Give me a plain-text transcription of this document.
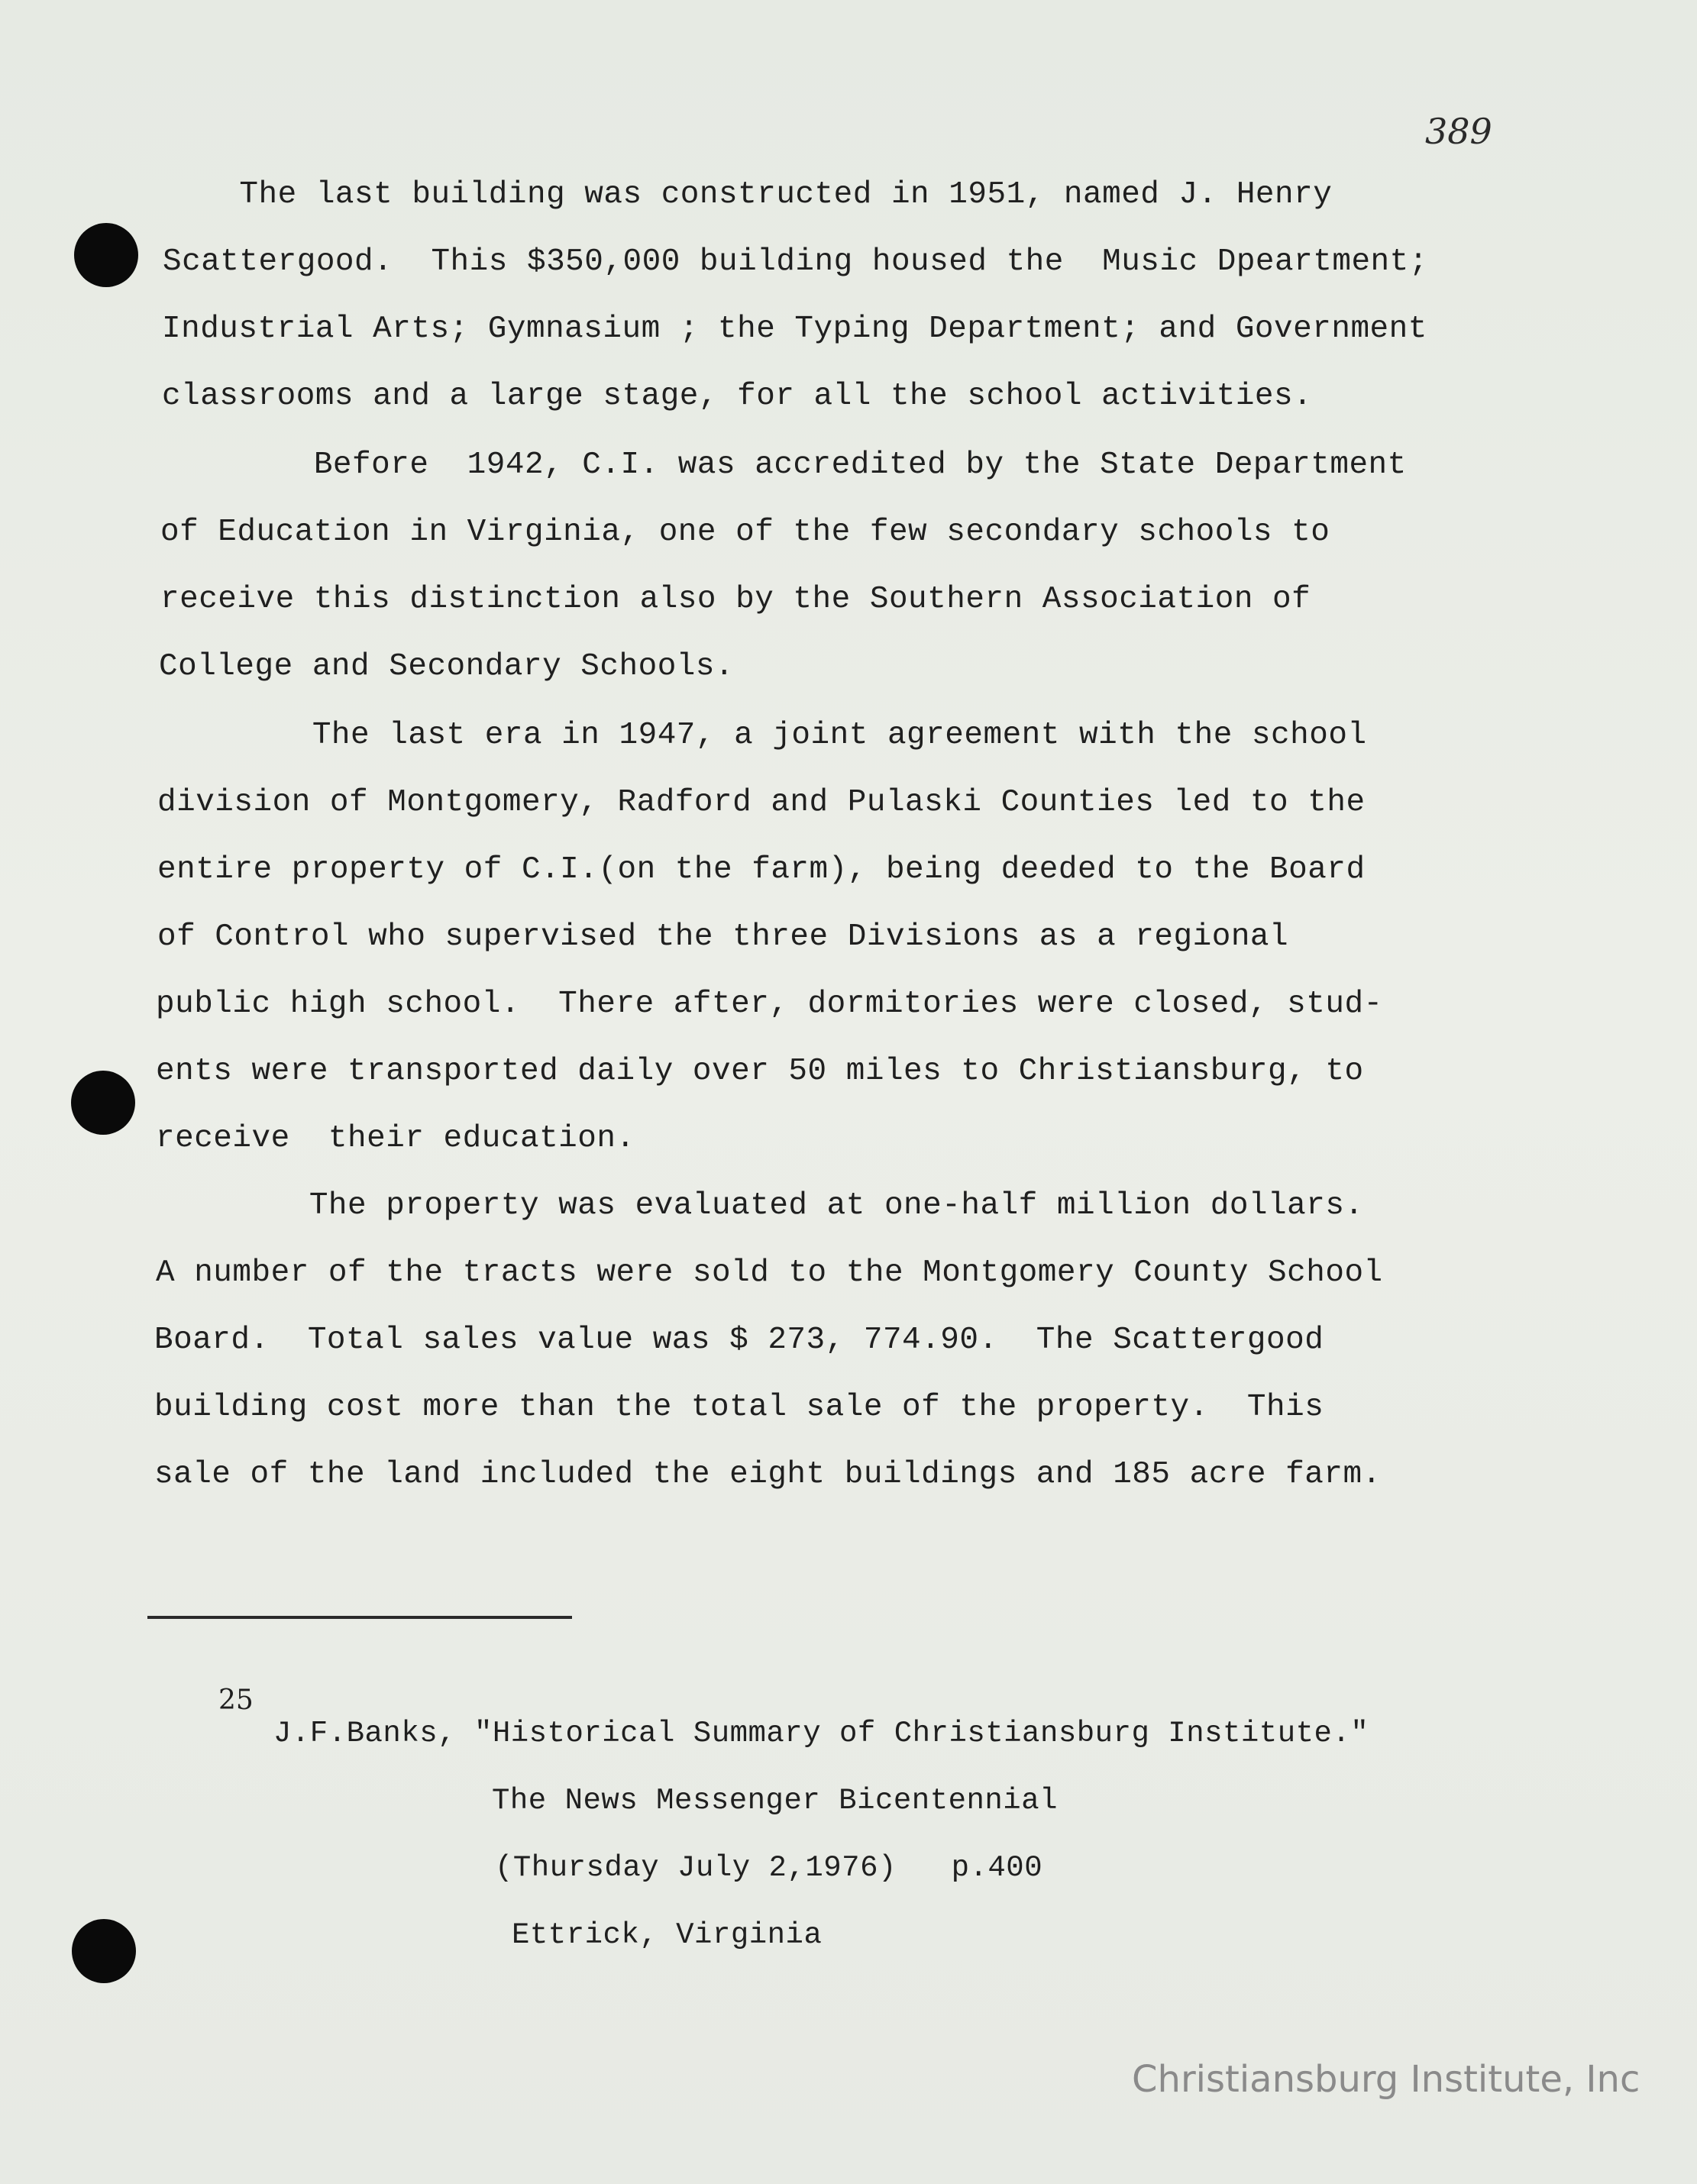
389
The last building was constructed in 1951, named J. Henry
Scattergood.  This $350,000 building housed the  Music Dpeartment;
Industrial Arts; Gymnasium ; the Typing Department; and Government
classrooms and a large stage, for all the school activities.
Before  1942, C.I. was accredited by the State Department
of Education in Virginia, one of the few secondary schools to
receive this distinction also by the Southern Association of
College and Secondary Schools.
The last era in 1947, a joint agreement with the school
division of Montgomery, Radford and Pulaski Counties led to the
entire property of C.I.(on the farm), being deeded to the Board
of Control who supervised the three Divisions as a regional
public high school.  There after, dormitories were closed, stud-
ents were transported daily over 50 miles to Christiansburg, to
receive  their education.
The property was evaluated at one-half million dollars.
A number of the tracts were sold to the Montgomery County School
Board.  Total sales value was $ 273, 774.90.  The Scattergood
building cost more than the total sale of the property.  This
sale of the land included the eight buildings and 185 acre farm.
25
J.F.Banks, "Historical Summary of Christiansburg Institute."
The News Messenger Bicentennial
(Thursday July 2,1976)   p.400
Ettrick, Virginia
Christiansburg Institute, Inc
